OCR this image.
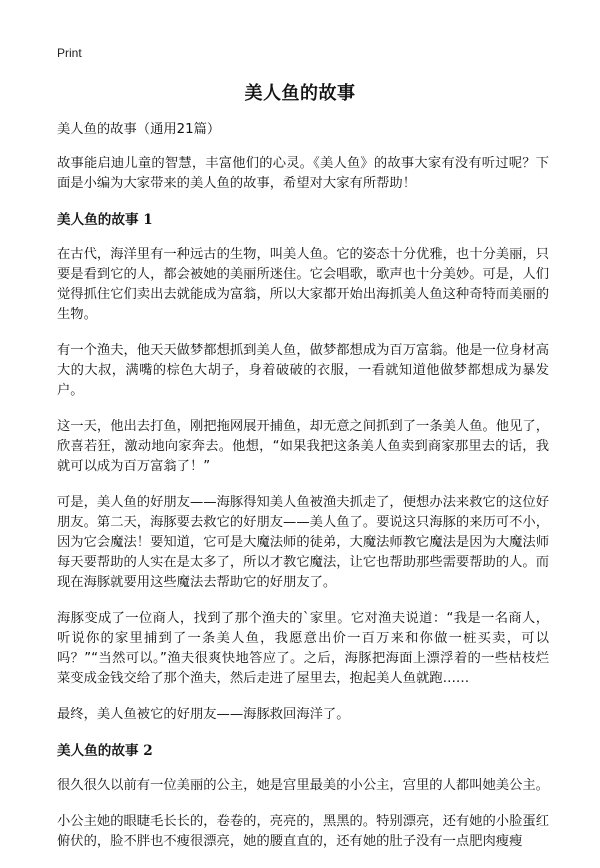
Print
美人鱼的故事

美人鱼的故事（通用21篇）

故事能启迪儿童的智慧，丰富他们的心灵。《美人鱼》的故事大家有没有听过呢？下面是小编为大家带来的美人鱼的故事，希望对大家有所帮助！

美人鱼的故事 1

在古代，海洋里有一种远古的生物，叫美人鱼。它的姿态十分优雅，也十分美丽，只要是看到它的人，都会被她的美丽所迷住。它会唱歌，歌声也十分美妙。可是，人们觉得抓住它们卖出去就能成为富翁，所以大家都开始出海抓美人鱼这种奇特而美丽的生物。

有一个渔夫，他天天做梦都想抓到美人鱼，做梦都想成为百万富翁。他是一位身材高大的大叔，满嘴的棕色大胡子，身着破破的衣服，一看就知道他做梦都想成为暴发户。

这一天，他出去打鱼，刚把拖网展开捕鱼，却无意之间抓到了一条美人鱼。他见了，欣喜若狂，激动地向家奔去。他想，“如果我把这条美人鱼卖到商家那里去的话，我就可以成为百万富翁了！”

可是，美人鱼的好朋友——海豚得知美人鱼被渔夫抓走了，便想办法来救它的这位好朋友。第二天，海豚要去救它的好朋友——美人鱼了。要说这只海豚的来历可不小，因为它会魔法！要知道，它可是大魔法师的徒弟，大魔法师教它魔法是因为大魔法师每天要帮助的人实在是太多了，所以才教它魔法，让它也帮助那些需要帮助的人。而现在海豚就要用这些魔法去帮助它的好朋友了。

海豚变成了一位商人，找到了那个渔夫的`家里。它对渔夫说道：“我是一名商人，听说你的家里捕到了一条美人鱼，我愿意出价一百万来和你做一桩买卖，可以吗？”“当然可以。”渔夫很爽快地答应了。之后，海豚把海面上漂浮着的一些枯枝烂菜变成金钱交给了那个渔夫，然后走进了屋里去，抱起美人鱼就跑……

最终，美人鱼被它的好朋友——海豚救回海洋了。

美人鱼的故事 2

很久很久以前有一位美丽的公主，她是宫里最美的小公主，宫里的人都叫她美公主。

小公主她的眼睫毛长长的，卷卷的，亮亮的，黑黑的。特别漂亮，还有她的小脸蛋红俯伏的，脸不胖也不瘦很漂亮，她的腰直直的，还有她的肚子没有一点肥肉瘦瘦
